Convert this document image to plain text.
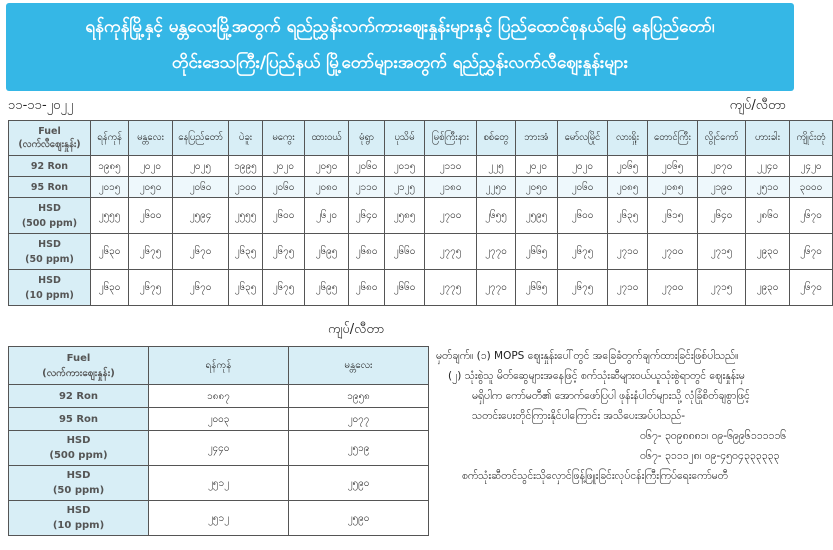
ရန်ကုန်မြို့နှင့် မန္တလေးမြို့အတွက် ရည်ညွှန်းလက်ကားဈေးနှုန်းများနှင့် ပြည်ထောင်စုနယ်မြေ နေပြည်တော်၊
တိုင်းဒေသကြီး/ပြည်နယ် မြို့တော်များအတွက် ရည်ညွှန်းလက်လီဈေးနှုန်းများ
၁၁-၁၁-၂၀၂၂	ကျပ်/လီတာ
Fuel
(လက်လီဈေးနှုန်း)	ရန်ကုန်	မန္တလေး	နေပြည်တော်	ပဲခူး	မကွေး	ထားဝယ်	မုံရွာ	ပုသိမ်	မြစ်ကြီးနား	စစ်တွေ	ဘားအံ	မော်လမြိုင်	လားရှိုး	တောင်ကြီး	လွိုင်ကော်	ဟားခါး	ကျိုင်းတုံ
92 Ron	၁၉၈၅	၂၀၂၀	၂၀၂၅	၁၉၉၅	၂၀၂၀	၂၀၅၀	၂၀၆၀	၂၀၁၅	၂၁၁၀	၂၂၅	၂၀၂၀	၂၀၂၀	၂၀၆၅	၂၀၆၅	၂၀၇၀	၂၂၄၀	၂၄၂၀
95 Ron	၂၀၁၅	၂၀၅၀	၂၀၆၀	၂၁၀၀	၂၀၆၀	၂၀၈၀	၂၁၁၀	၂၁၂၅	၂၁၈၀	၂၂၅၀	၂၀၅၀	၂၀၆၀	၂၀၈၅	၂၀၈၅	၂၁၉၀	၂၅၁၀	၃၀၀၀
HSD
(500 ppm)	၂၅၅၅	၂၆၀၀	၂၅၉၄	၂၅၅၅	၂၆၀၀	၂၆၂၀	၂၆၄၀	၂၅၈၅	၂၇၀၀	၂၆၅၅	၂၅၉၅	၂၆၀၀	၂၆၃၅	၂၆၁၅	၂၆၄၀	၂၈၆၀	၂၆၇၀
HSD
(50 ppm)	၂၆၃၀	၂၆၇၅	၂၆၇၀	၂၆၃၅	၂၆၇၅	၂၆၉၅	၂၆၈၀	၂၆၆၀	၂၇၇၅	၂၇၇၀	၂၆၆၅	၂၆၇၅	၂၇၁၀	၂၇၀၀	၂၇၁၅	၂၉၃၀	၂၆၇၀
HSD
(10 ppm)	၂၆၃၀	၂၆၇၅	၂၆၇၀	၂၆၃၅	၂၆၇၅	၂၆၉၅	၂၆၈၀	၂၆၆၀	၂၇၇၅	၂၇၇၀	၂၆၆၅	၂၆၇၅	၂၇၁၀	၂၇၀၀	၂၇၁၅	၂၉၃၀	၂၆၇၀
ကျပ်/လီတာ
Fuel
(လက်ကားဈေးနှုန်း)	ရန်ကုန်	မန္တလေး
92 Ron	၁၈၈၇	၁၉၅၈
95 Ron	၂၀၀၃	၂၀၇၇
HSD
(500 ppm)	၂၄၄၀	၂၅၁၉
HSD
(50 ppm)	၂၅၁၂	၂၅၉၀
HSD
(10 ppm)	၂၅၁၂	၂၅၉၀
မှတ်ချက်။ (၁) MOPS ဈေးနှုန်းပေါ်တွင် အခြေခံတွက်ချက်ထားခြင်းဖြစ်ပါသည်။
(၂) သုံးစွဲသူ မိတ်ဆွေများအနေဖြင့် စက်သုံးဆီများဝယ်ယူသုံးစွဲရာတွင် ဈေးနှုန်းမှ
မရှိပါက ကော်မတီ၏ အောက်ဖော်ပြပါ ဖုန်းနံပါတ်များသို့ လုံခြုံစိတ်ချစွာဖြင့်
သတင်းပေးတိုင်ကြားနိုင်ပါကြောင်း အသိပေးအပ်ပါသည်-
၀၆၇- ၃၀၉၈၈၈၁၊ ၀၉-၆၉၉၆၁၁၁၁၁၆
၀၆၇- ၃၁၁၁၂၈၊ ၀၉-၄၅၀၄၃၃၃၃၃၃
စက်သုံးဆီတင်သွင်းသိုလှောင်ဖြန့်ဖြူးခြင်းလုပ်ငန်းကြီးကြပ်ရေးကော်မတီ
